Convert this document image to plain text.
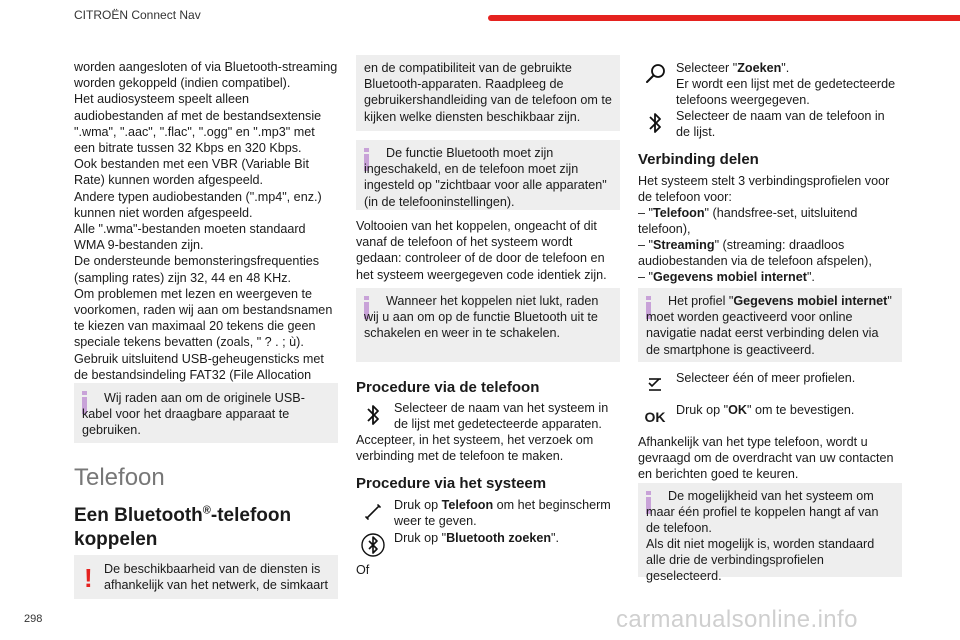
CITROËN Connect Nav
298	carmanualsonline.info

worden aangesloten of via Bluetooth-streaming worden gekoppeld (indien compatibel).
Het audiosysteem speelt alleen audiobestanden af met de bestandsextensie ".wma", ".aac", ".flac", ".ogg" en ".mp3" met een bitrate tussen 32 Kbps en 320 Kbps.
Ook bestanden met een VBR (Variable Bit Rate) kunnen worden afgespeeld.
Andere typen audiobestanden (".mp4", enz.) kunnen niet worden afgespeeld.
Alle ".wma"-bestanden moeten standaard WMA 9-bestanden zijn.
De ondersteunde bemonsteringsfrequenties (sampling rates) zijn 32, 44 en 48 KHz.
Om problemen met lezen en weergeven te voorkomen, raden wij aan om bestandsnamen te kiezen van maximaal 20 tekens die geen speciale tekens bevatten (zoals, " ? . ; ù).
Gebruik uitsluitend USB-geheugensticks met de bestandsindeling FAT32 (File Allocation

Wij raden aan om de originele USB-kabel voor het draagbare apparaat te gebruiken.

Telefoon
Een Bluetooth®-telefoon koppelen
! De beschikbaarheid van de diensten is afhankelijk van het netwerk, de simkaart

en de compatibiliteit van de gebruikte Bluetooth-apparaten. Raadpleeg de gebruikershandleiding van de telefoon om te kijken welke diensten beschikbaar zijn.

De functie Bluetooth moet zijn ingeschakeld, en de telefoon moet zijn ingesteld op "zichtbaar voor alle apparaten" (in de telefooninstellingen).

Voltooien van het koppelen, ongeacht of dit vanaf de telefoon of het systeem wordt gedaan: controleer of de door de telefoon en het systeem weergegeven code identiek zijn.

Wanneer het koppelen niet lukt, raden wij u aan om op de functie Bluetooth uit te schakelen en weer in te schakelen.

Procedure via de telefoon

Selecteer de naam van het systeem in de lijst met gedetecteerde apparaten.

Accepteer, in het systeem, het verzoek om verbinding met de telefoon te maken.

Procedure via het systeem

Druk op Telefoon om het beginscherm weer te geven.

Druk op "Bluetooth zoeken".

Of

Selecteer "Zoeken".

Er wordt een lijst met de gedetecteerde telefoons weergegeven.

Selecteer de naam van de telefoon in de lijst.

Verbinding delen

Het systeem stelt 3 verbindingsprofielen voor de telefoon voor:

– "Telefoon" (handsfree-set, uitsluitend telefoon),

– "Streaming" (streaming: draadloos audiobestanden via de telefoon afspelen),

– "Gegevens mobiel internet".

Het profiel "Gegevens mobiel internet" moet worden geactiveerd voor online navigatie nadat eerst verbinding delen via de smartphone is geactiveerd.

Selecteer één of meer profielen.

OK Druk op "OK" om te bevestigen.

Afhankelijk van het type telefoon, wordt u gevraagd om de overdracht van uw contacten en berichten goed te keuren.

De mogelijkheid van het systeem om maar één profiel te koppelen hangt af van de telefoon.

Als dit niet mogelijk is, worden standaard alle drie de verbindingsprofielen geselecteerd.
